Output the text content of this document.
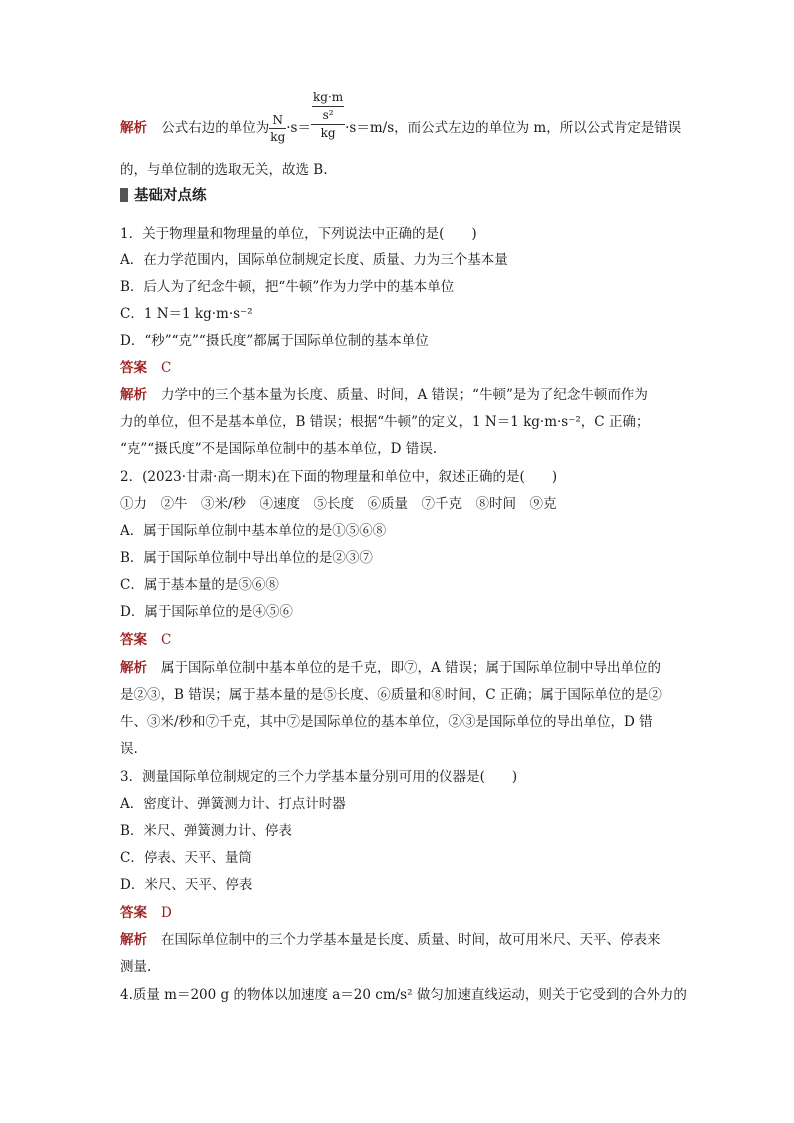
解析 公式右边的单位为 $\frac{N}{kg} \cdot s= \frac{\frac{kg\cdot m}{\text{s²}}}{kg} \cdot s=m/s$，而公式左边的单位为 m，所以公式肯定是错误
的，与单位制的选取无关，故选 B.
基础对点练
1．关于物理量和物理量的单位，下列说法中正确的是(　　)
A．在力学范围内，国际单位制规定长度、质量、力为三个基本量
B．后人为了纪念牛顿，把“牛顿”作为力学中的基本单位
C．1 N＝1 kg·m·s⁻²
D．“秒”“克”“摄氏度”都属于国际单位制的基本单位
答案 C
解析 力学中的三个基本量为长度、质量、时间，A 错误；“牛顿”是为了纪念牛顿而作为
力的单位，但不是基本单位，B 错误；根据“牛顿”的定义，1 N＝1 kg·m·s⁻²，C 正确；
“克”“摄氏度”不是国际单位制中的基本单位，D 错误.
2．(2023·甘肃·高一期末)在下面的物理量和单位中，叙述正确的是(　　)
①力　②牛　③米/秒　④速度　⑤长度　⑥质量　⑦千克　⑧时间　⑨克
A．属于国际单位制中基本单位的是①⑤⑥⑧
B．属于国际单位制中导出单位的是②③⑦
C．属于基本量的是⑤⑥⑧
D．属于国际单位的是④⑤⑥
答案 C
解析 属于国际单位制中基本单位的是千克，即⑦，A 错误；属于国际单位制中导出单位的
是②③，B 错误；属于基本量的是⑤长度、⑥质量和⑧时间，C 正确；属于国际单位的是②
牛、③米/秒和⑦千克，其中⑦是国际单位的基本单位，②③是国际单位的导出单位，D 错
误.
3．测量国际单位制规定的三个力学基本量分别可用的仪器是(　　)
A．密度计、弹簧测力计、打点计时器
B．米尺、弹簧测力计、停表
C．停表、天平、量筒
D．米尺、天平、停表
答案 D
解析 在国际单位制中的三个力学基本量是长度、质量、时间，故可用米尺、天平、停表来
测量.
4.质量 m＝200 g 的物体以加速度 a＝20 cm/s² 做匀加速直线运动，则关于它受到的合外力的
